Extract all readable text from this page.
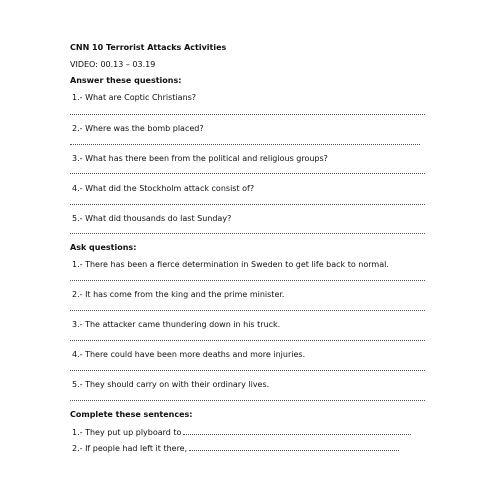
CNN 10 Terrorist Attacks Activities
VIDEO: 00.13 – 03.19
Answer these questions:
1.- What are Coptic Christians?
2.- Where was the bomb placed?
3.- What has there been from the political and religious groups?
4.- What did the Stockholm attack consist of?
5.- What did thousands do last Sunday?
Ask questions:
1.- There has been a fierce determination in Sweden to get life back to normal.
2.- It has come from the king and the prime minister.
3.- The attacker came thundering down in his truck.
4.- There could have been more deaths and more injuries.
5.- They should carry on with their ordinary lives.
Complete these sentences:
1.- They put up plyboard to
2.- If people had left it there,
